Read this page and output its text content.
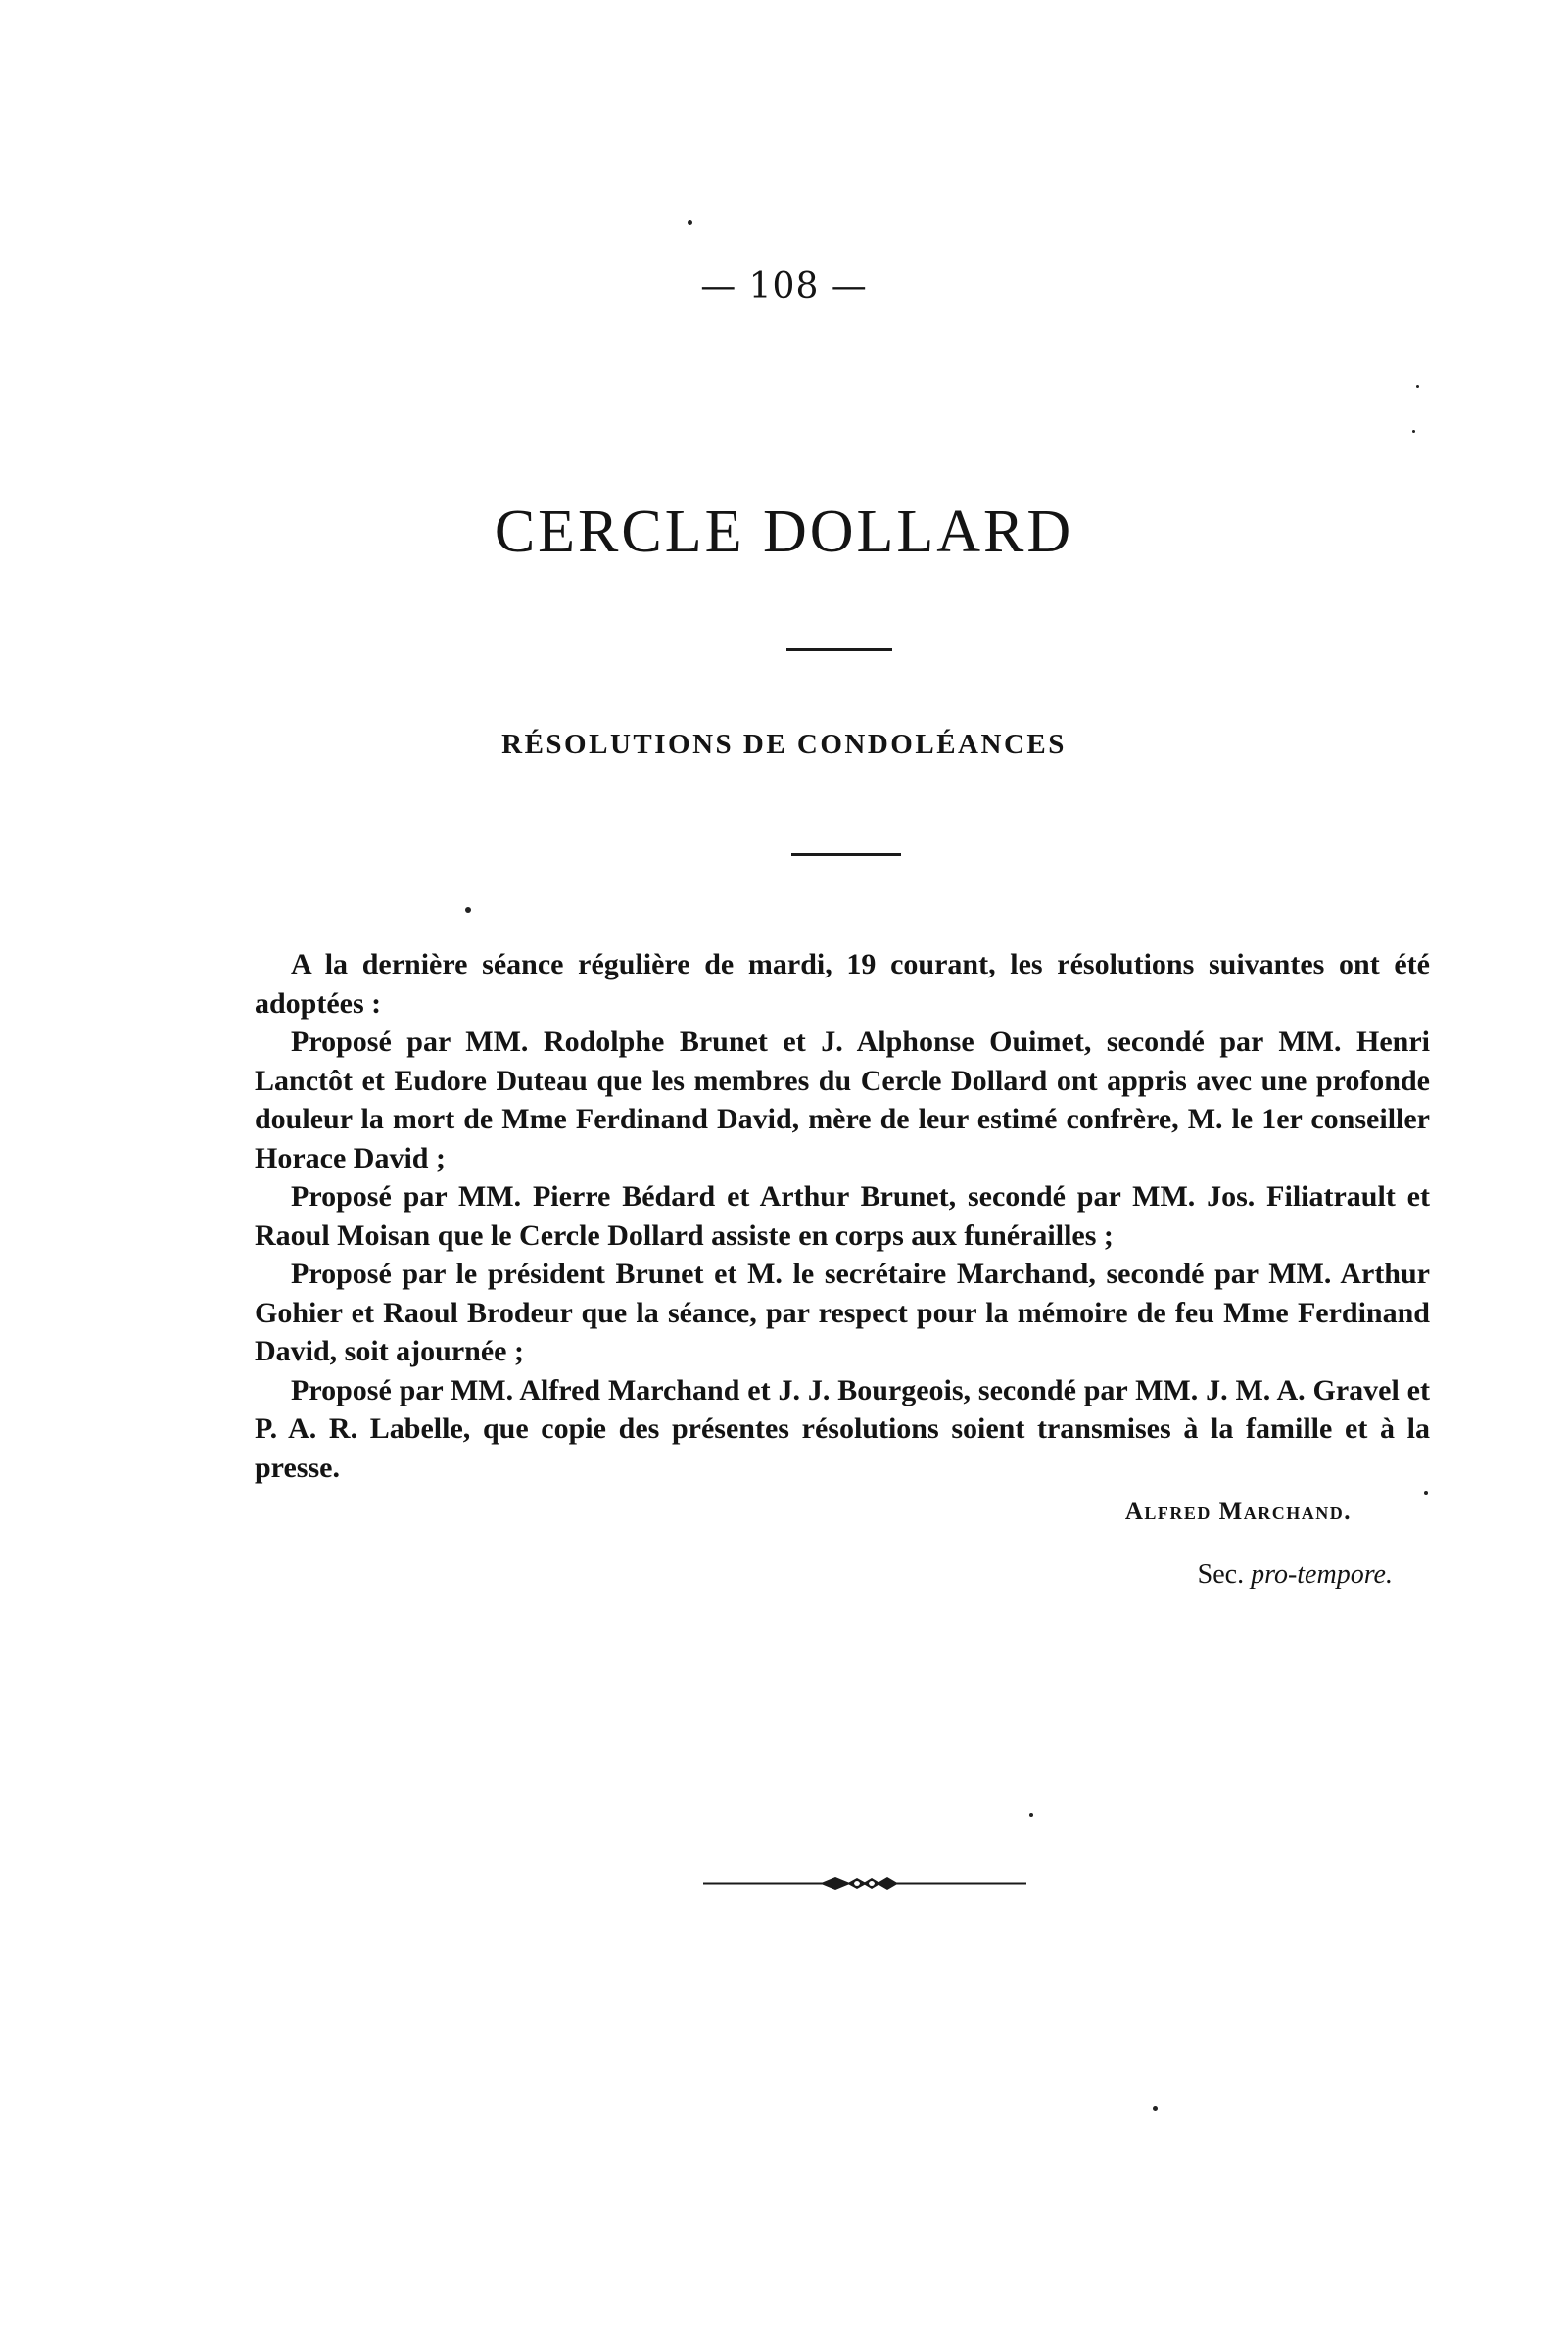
— 108 —
CERCLE DOLLARD
RÉSOLUTIONS DE CONDOLÉANCES

A la dernière séance régulière de mardi, 19 courant, les résolutions suivantes ont été adoptées :

Proposé par MM. Rodolphe Brunet et J. Alphonse Ouimet, secondé par MM. Henri Lanctôt et Eudore Duteau que les membres du Cercle Dollard ont appris avec une profonde douleur la mort de Mme Ferdinand David, mère de leur estimé confrère, M. le 1er conseiller Horace David ;

Proposé par MM. Pierre Bédard et Arthur Brunet, secondé par MM. Jos. Filiatrault et Raoul Moisan que le Cercle Dollard assiste en corps aux funérailles ;

Proposé par le président Brunet et M. le secrétaire Marchand, secondé par MM. Arthur Gohier et Raoul Brodeur que la séance, par respect pour la mémoire de feu Mme Ferdinand David, soit ajournée ;

Proposé par MM. Alfred Marchand et J. J. Bourgeois, secondé par MM. J. M. A. Gravel et P. A. R. Labelle, que copie des présentes résolutions soient transmises à la famille et à la presse.

Alfred Marchand.
Sec. pro-tempore.
